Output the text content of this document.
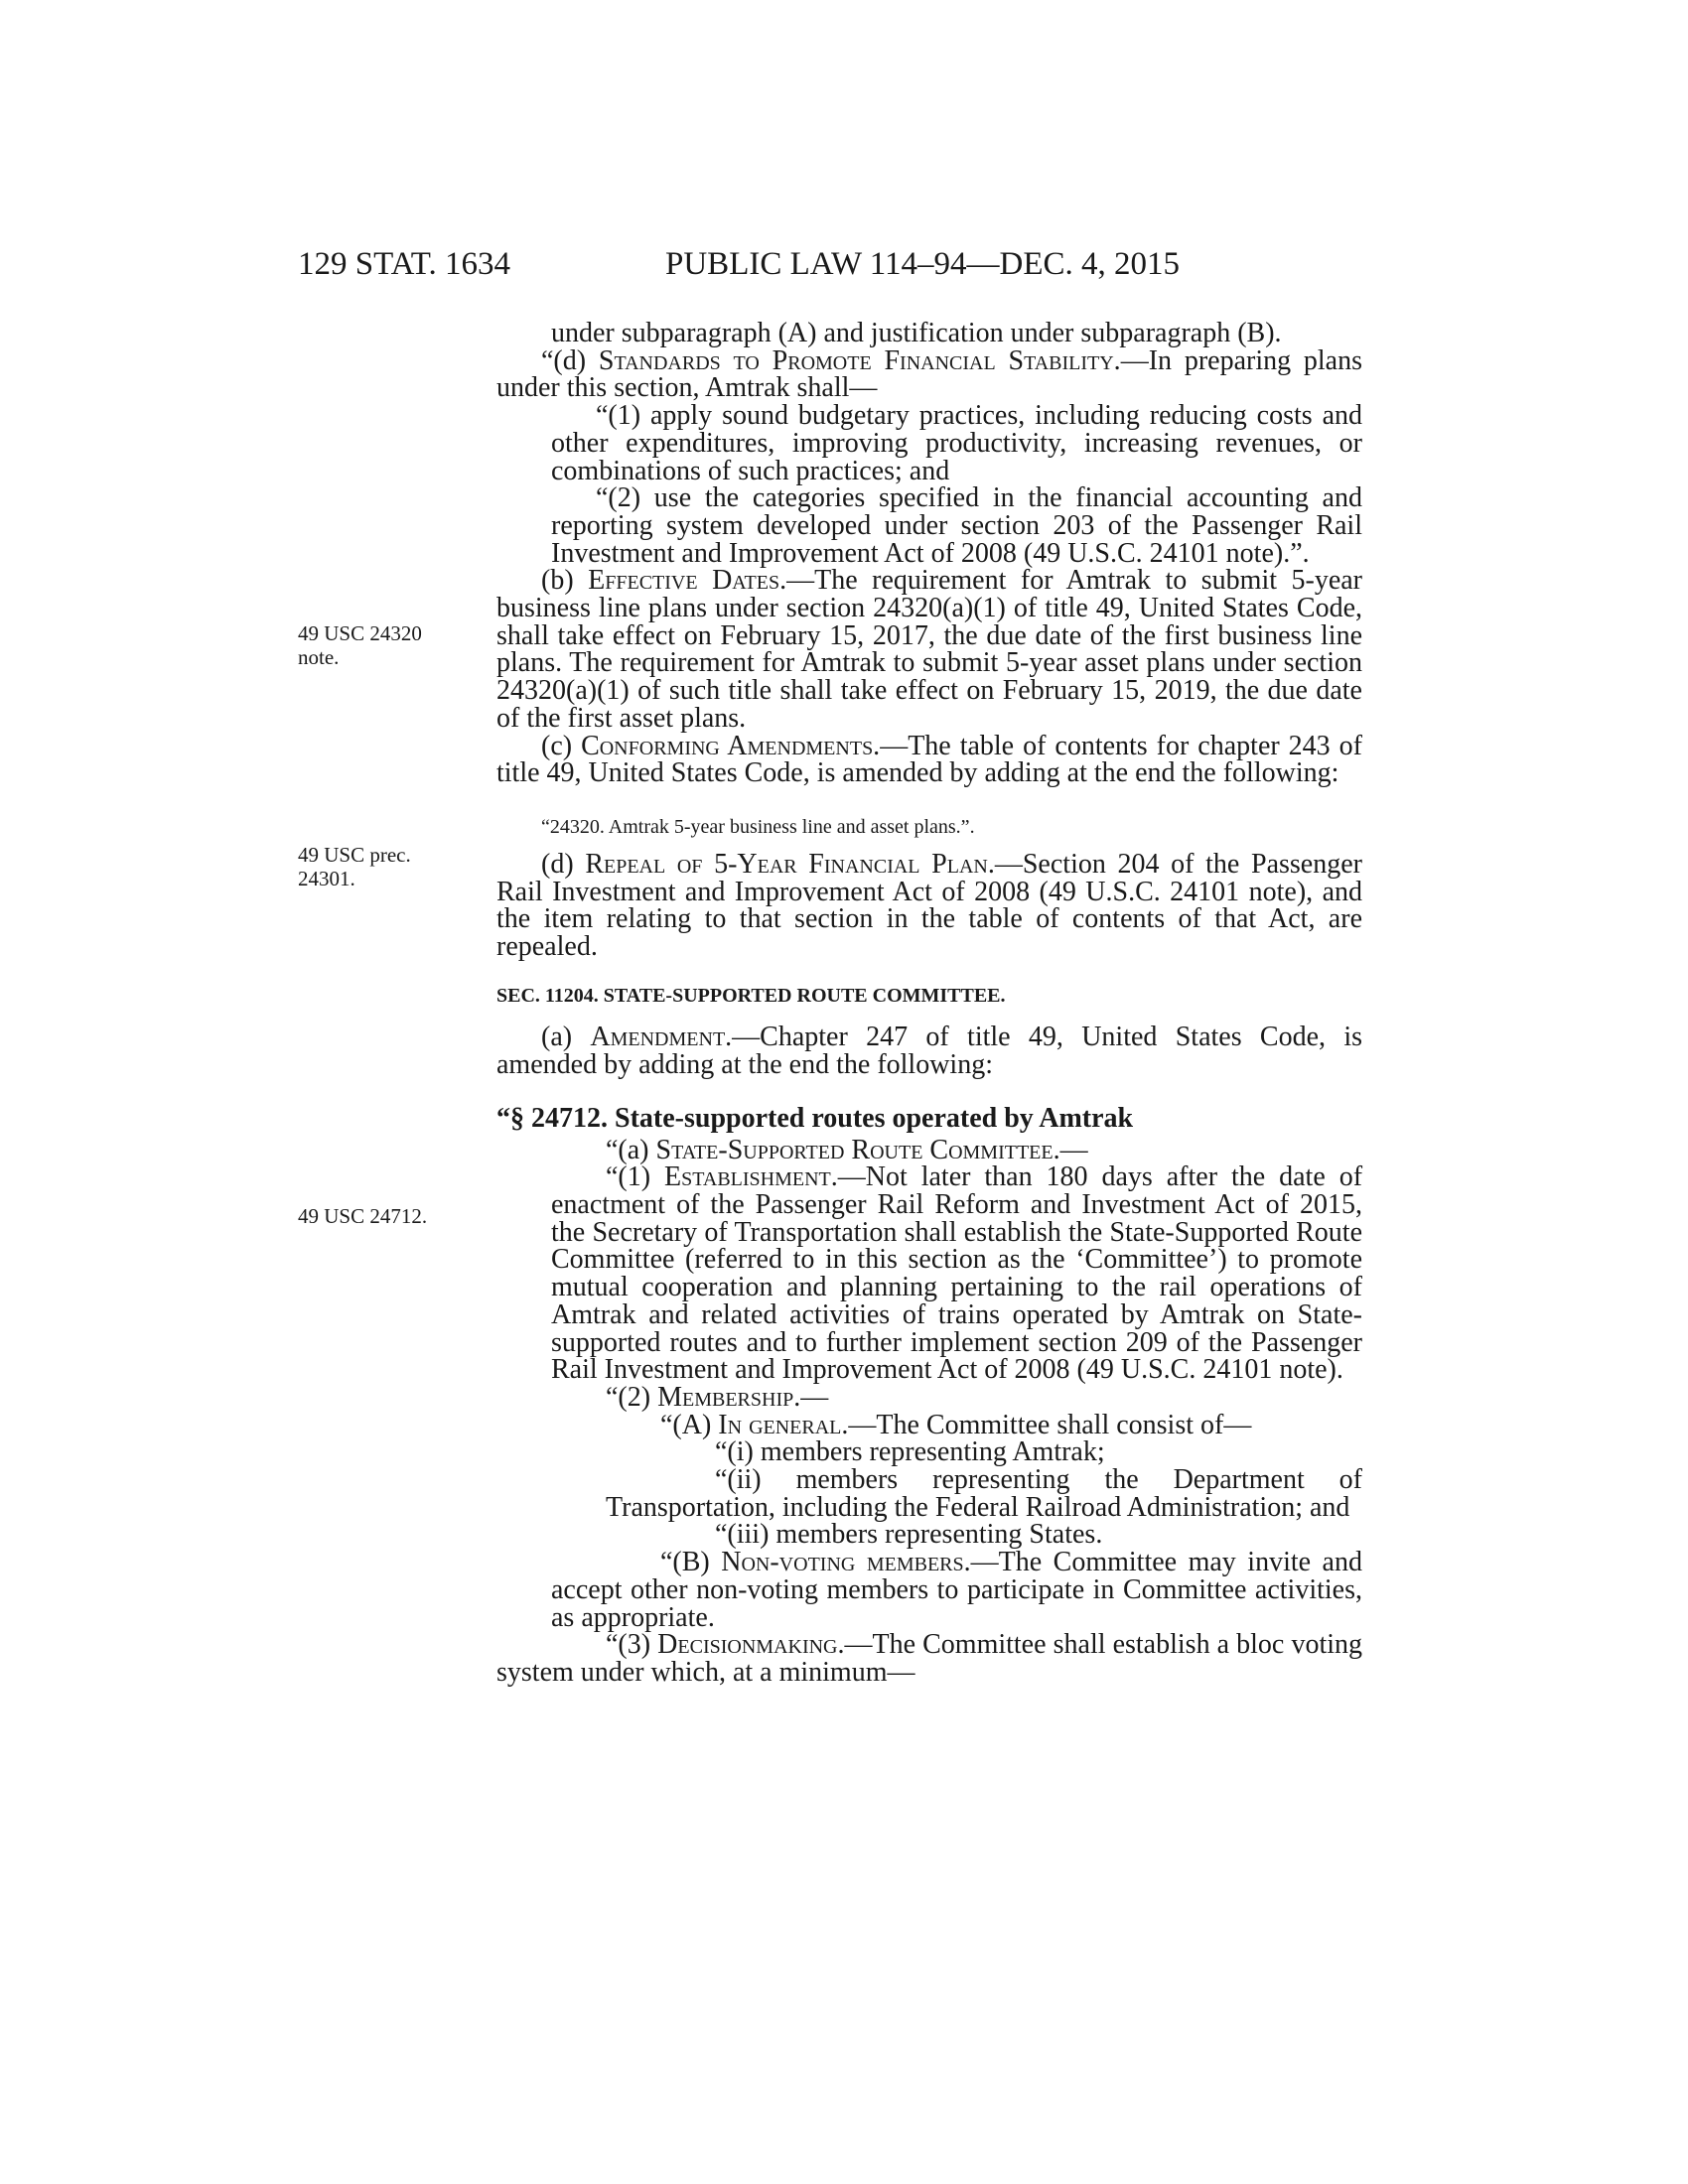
129 STAT. 1634	PUBLIC LAW 114–94—DEC. 4, 2015
49 USC 24320 note.
49 USC prec. 24301.
49 USC 24712.

under subparagraph (A) and justification under subparagraph (B).

“(d) Standards to Promote Financial Stability.—In preparing plans under this section, Amtrak shall—

“(1) apply sound budgetary practices, including reducing costs and other expenditures, improving productivity, increasing revenues, or combinations of such practices; and

“(2) use the categories specified in the financial accounting and reporting system developed under section 203 of the Passenger Rail Investment and Improvement Act of 2008 (49 U.S.C. 24101 note).”.

(b) Effective Dates.—The requirement for Amtrak to submit 5-year business line plans under section 24320(a)(1) of title 49, United States Code, shall take effect on February 15, 2017, the due date of the first business line plans. The requirement for Amtrak to submit 5-year asset plans under section 24320(a)(1) of such title shall take effect on February 15, 2019, the due date of the first asset plans.

(c) Conforming Amendments.—The table of contents for chapter 243 of title 49, United States Code, is amended by adding at the end the following:

“24320. Amtrak 5-year business line and asset plans.”.

(d) Repeal of 5-Year Financial Plan.—Section 204 of the Passenger Rail Investment and Improvement Act of 2008 (49 U.S.C. 24101 note), and the item relating to that section in the table of contents of that Act, are repealed.

SEC. 11204. STATE-SUPPORTED ROUTE COMMITTEE.

(a) Amendment.—Chapter 247 of title 49, United States Code, is amended by adding at the end the following:

“§ 24712. State-supported routes operated by Amtrak

“(a) State-Supported Route Committee.—

“(1) Establishment.—Not later than 180 days after the date of enactment of the Passenger Rail Reform and Investment Act of 2015, the Secretary of Transportation shall establish the State-Supported Route Committee (referred to in this section as the ‘Committee’) to promote mutual cooperation and planning pertaining to the rail operations of Amtrak and related activities of trains operated by Amtrak on State-supported routes and to further implement section 209 of the Passenger Rail Investment and Improvement Act of 2008 (49 U.S.C. 24101 note).

“(2) Membership.—

“(A) In general.—The Committee shall consist of—

“(i) members representing Amtrak;

“(ii) members representing the Department of Transportation, including the Federal Railroad Administration; and

“(iii) members representing States.

“(B) Non-voting members.—The Committee may invite and accept other non-voting members to participate in Committee activities, as appropriate.

“(3) Decisionmaking.—The Committee shall establish a bloc voting system under which, at a minimum—
